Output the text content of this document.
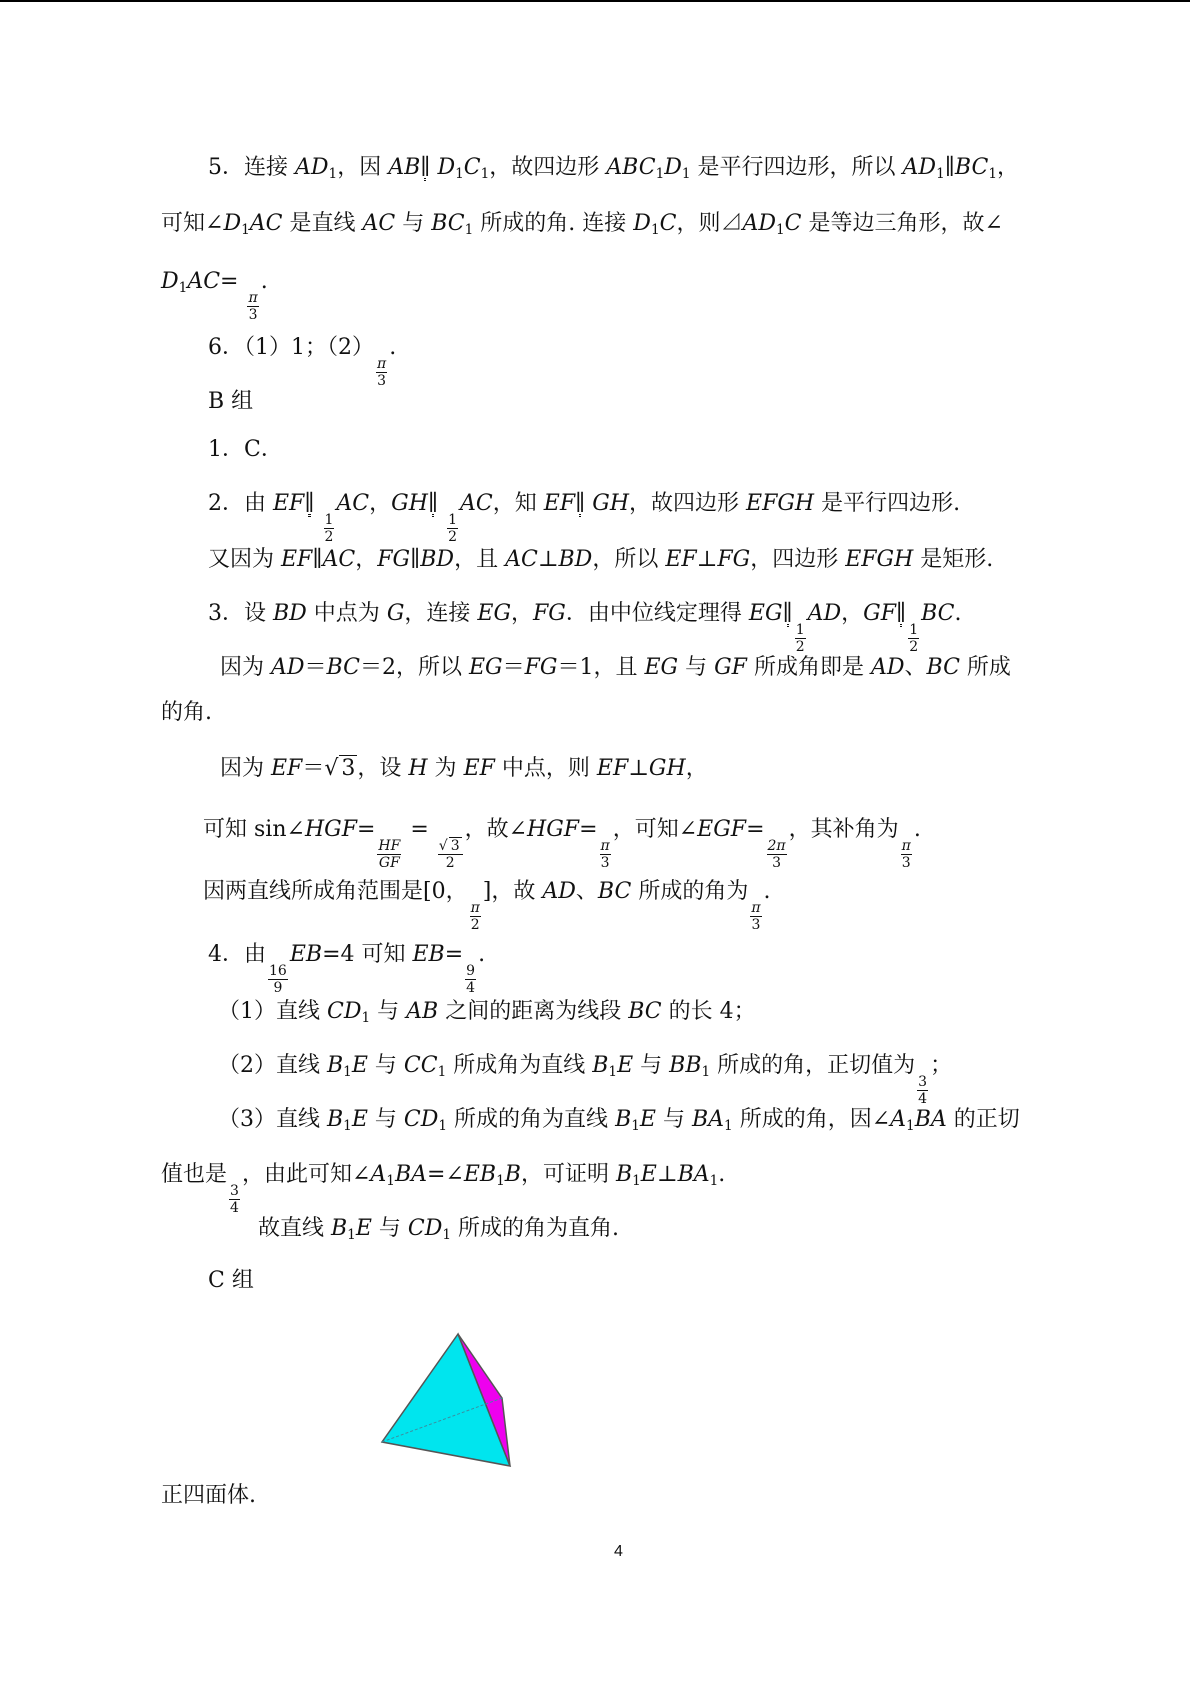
5．连接 $AD_1$，因 AB∥ $D_1C_1$，故四边形 $ABC_1D_1$ 是平行四边形，所以 $AD_1\parallel BC_1$，
可知$\angle D_1AC$ 是直线 AC 与 $BC_1$ 所成的角. 连接 $D_1C$，则$⊿AD_1C$ 是等边三角形，故∠
$D_1AC=$
$\frac{\pi}{3}$
.
6．（1）1；（2）
$\frac{\pi}{3}$
.
B 组
1．C．
2．由 EF∥
$\frac{1}{2}$
AC，GH∥
$\frac{1}{2}$
AC，知 EF∥ GH，故四边形 EFGH 是平行四边形.
又因为 EF∥AC，FG∥BD，且 AC⊥BD，所以 EF⊥FG，四边形 EFGH 是矩形.
3．设 BD 中点为 G，连接 EG，FG．由中位线定理得 EG∥
$\frac{1}{2}$
AD，GF∥
$\frac{1}{2}$
BC.
因为 AD＝BC＝2，所以 EG＝FG＝1，且 EG 与 GF 所成角即是 AD、BC 所成
的角.
因为 EF＝√ 3，设 H 为 EF 中点，则 EF⊥GH，
可知 sin∠HGF=
$\frac{HF}{GF}$
=
$\frac{√ 3}{2}$
，故∠HGF=
$\frac{\pi}{3}$
，可知∠EGF=
$\frac{2\pi}{3}$
，其补角为
$\frac{\pi}{3}$
.
因两直线所成角范围是[0，
$\frac{\pi}{2}$
]，故 AD、BC 所成的角为
$\frac{\pi}{3}$
.
4．由
$\frac{16}{9}$
EB=4 可知 EB=
$\frac{9}{4}$
.
（1）直线 $CD_1$ 与 AB 之间的距离为线段 BC 的长 4；
（2）直线 $B_1E$ 与 $CC_1$ 所成角为直线 $B_1E$ 与 $BB_1$ 所成的角，正切值为
$\frac{3}{4}$
；
（3）直线 $B_1E$ 与 $CD_1$ 所成的角为直线 $B_1E$ 与 $BA_1$ 所成的角，因$\angle A_1BA$ 的正切
值也是
$\frac{3}{4}$
，由此可知$\angle A_1BA=\angle EB_1B$，可证明 $B_1E\perp BA_1$.
故直线 $B_1E$ 与 $CD_1$ 所成的角为直角.
C 组
正四面体.
4
